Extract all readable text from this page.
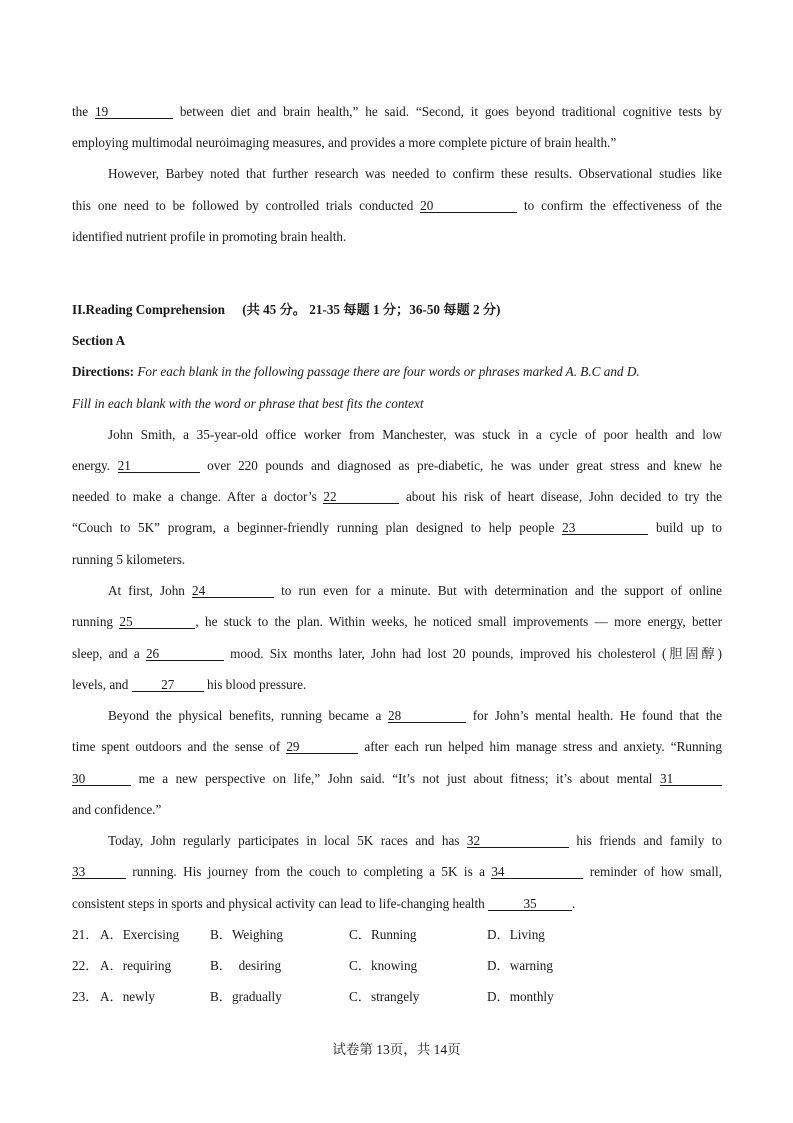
the 19	between diet and brain health,” he said. “Second, it goes beyond traditional cognitive tests by
employing multimodal neuroimaging measures, and provides a more complete picture of brain health.”
However, Barbey noted that further research was needed to confirm these results. Observational studies like
this one need to be followed by controlled trials conducted 20	to confirm the effectiveness of the
identified nutrient profile in promoting brain health.
II.Reading Comprehension (共 45 分。 21-35 每题 1 分；36-50 每题 2 分)
Section A
Directions: For each blank in the following passage there are four words or phrases marked A. B.C and D.
Fill in each blank with the word or phrase that best fits the context
John Smith, a 35-year-old office worker from Manchester, was stuck in a cycle of poor health and low
energy. 21	over 220 pounds and diagnosed as pre-diabetic, he was under great stress and knew he
needed to make a change. After a doctor’s 22	about his risk of heart disease, John decided to try the
“Couch to 5K” program, a beginner-friendly running plan designed to help people 23	build up to
running 5 kilometers.
At first, John 24	to run even for a minute. But with determination and the support of online
running 25	, he stuck to the plan. Within weeks, he noticed small improvements — more energy, better
sleep, and a 26	mood. Six months later, John had lost 20 pounds, improved his cholesterol (胆固醇)
levels, and 27 his blood pressure.
Beyond the physical benefits, running became a 28	for John’s mental health. He found that the
time spent outdoors and the sense of 29	after each run helped him manage stress and anxiety. “Running
30	me a new perspective on life,” John said. “It’s not just about fitness; it’s about mental 31
and confidence.”
Today, John regularly participates in local 5K races and has 32	his friends and family to
33	running. His journey from the couch to completing a 5K is a 34	reminder of how small,
consistent steps in sports and physical activity can lead to life-changing health	35	.
21． A．Exercising B．Weighing	C．Running	D．Living
22． A．requiring	B．  desiring	C．knowing	D．warning
23． A．newly	B．gradually	C．strangely	D．monthly
试卷第 13页，共 14页
